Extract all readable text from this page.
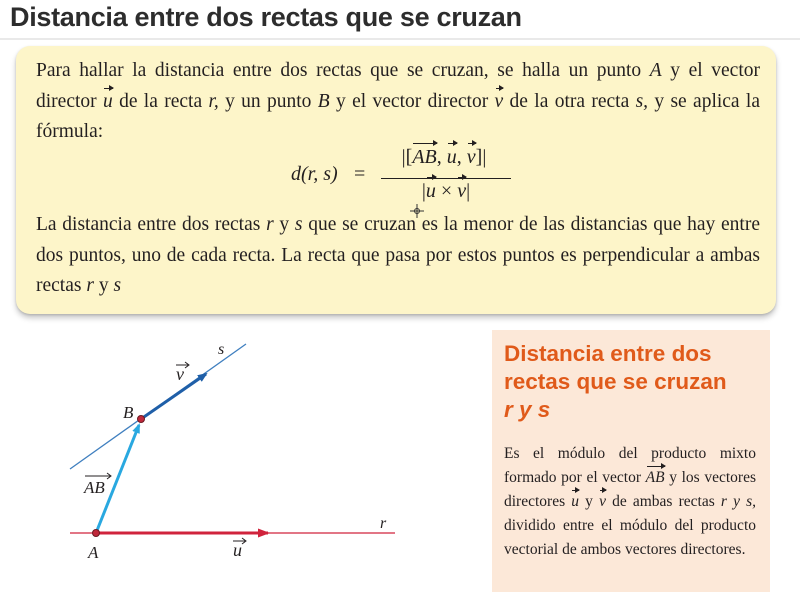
Distancia entre dos rectas que se cruzan

Para hallar la distancia entre dos rectas que se cruzan, se halla un punto A y el vector director u de la recta r, y un punto B y el vector director v de la otra recta s, y se aplica la fórmula:

d(r, s) =
|[AB, u, v]|
|u × v|

La distancia entre dos rectas r y s que se cruzan es la menor de las distancias que hay entre dos puntos, uno de cada recta. La recta que pasa por estos puntos es perpendicular a ambas rectas r y s

s
v
B
AB
A	u
r
Distancia entre dos
rectas que se cruzan
r y s

Es el módulo del producto mixto formado por el vector AB y los vectores directores u y v de ambas rectas r y s, dividido entre el módulo del producto vectorial de ambos vectores directores.
